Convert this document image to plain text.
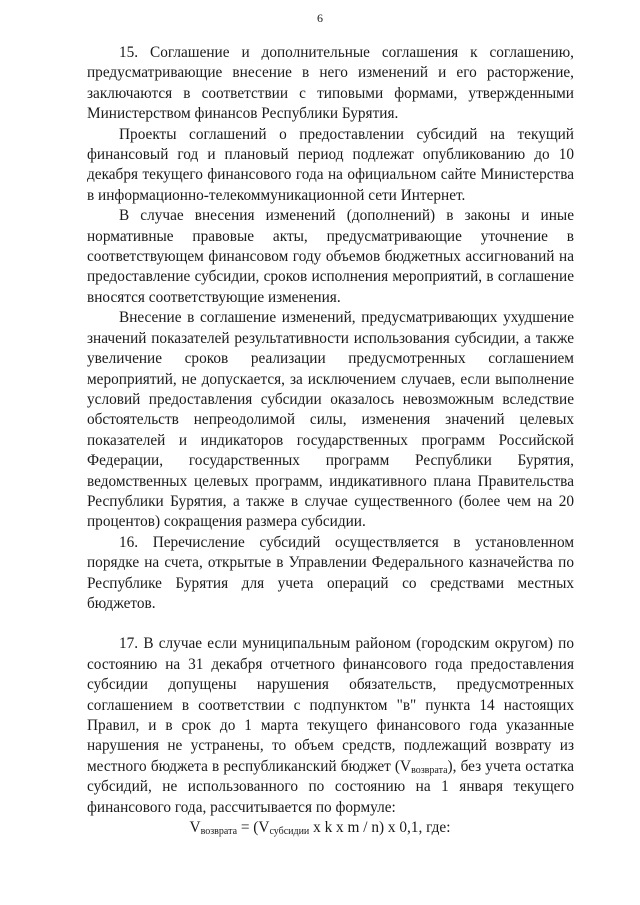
6

15. Соглашение и дополнительные соглашения к соглашению, предусматривающие внесение в него изменений и его расторжение, заключаются в соответствии с типовыми формами, утвержденными Министерством финансов Республики Бурятия.

Проекты соглашений о предоставлении субсидий на текущий финансовый год и плановый период подлежат опубликованию до 10 декабря текущего финансового года на официальном сайте Министерства в информационно-телекоммуникационной сети Интернет.

В случае внесения изменений (дополнений) в законы и иные нормативные правовые акты, предусматривающие уточнение в соответствующем финансовом году объемов бюджетных ассигнований на предоставление субсидии, сроков исполнения мероприятий, в соглашение вносятся соответствующие изменения.

Внесение в соглашение изменений, предусматривающих ухудшение значений показателей результативности использования субсидии, а также увеличение сроков реализации предусмотренных соглашением мероприятий, не допускается, за исключением случаев, если выполнение условий предоставления субсидии оказалось невозможным вследствие обстоятельств непреодолимой силы, изменения значений целевых показателей и индикаторов государственных программ Российской Федерации, государственных программ Республики Бурятия, ведомственных целевых программ, индикативного плана Правительства Республики Бурятия, а также в случае существенного (более чем на 20 процентов) сокращения размера субсидии.

16. Перечисление субсидий осуществляется в установленном порядке на счета, открытые в Управлении Федерального казначейства по Республике Бурятия для учета операций со средствами местных бюджетов.

17. В случае если муниципальным районом (городским округом) по состоянию на 31 декабря отчетного финансового года предоставления субсидии допущены нарушения обязательств, предусмотренных соглашением в соответствии с подпунктом "в" пункта 14 настоящих Правил, и в срок до 1 марта текущего финансового года указанные нарушения не устранены, то объем средств, подлежащий возврату из местного бюджета в республиканский бюджет $(V_{возврата})$, без учета остатка субсидий, не использованного по состоянию на 1 января текущего финансового года, рассчитывается по формуле:

$V_{возврата} = (V_{субсидии}$ x k x m / n) x 0,1, где:
